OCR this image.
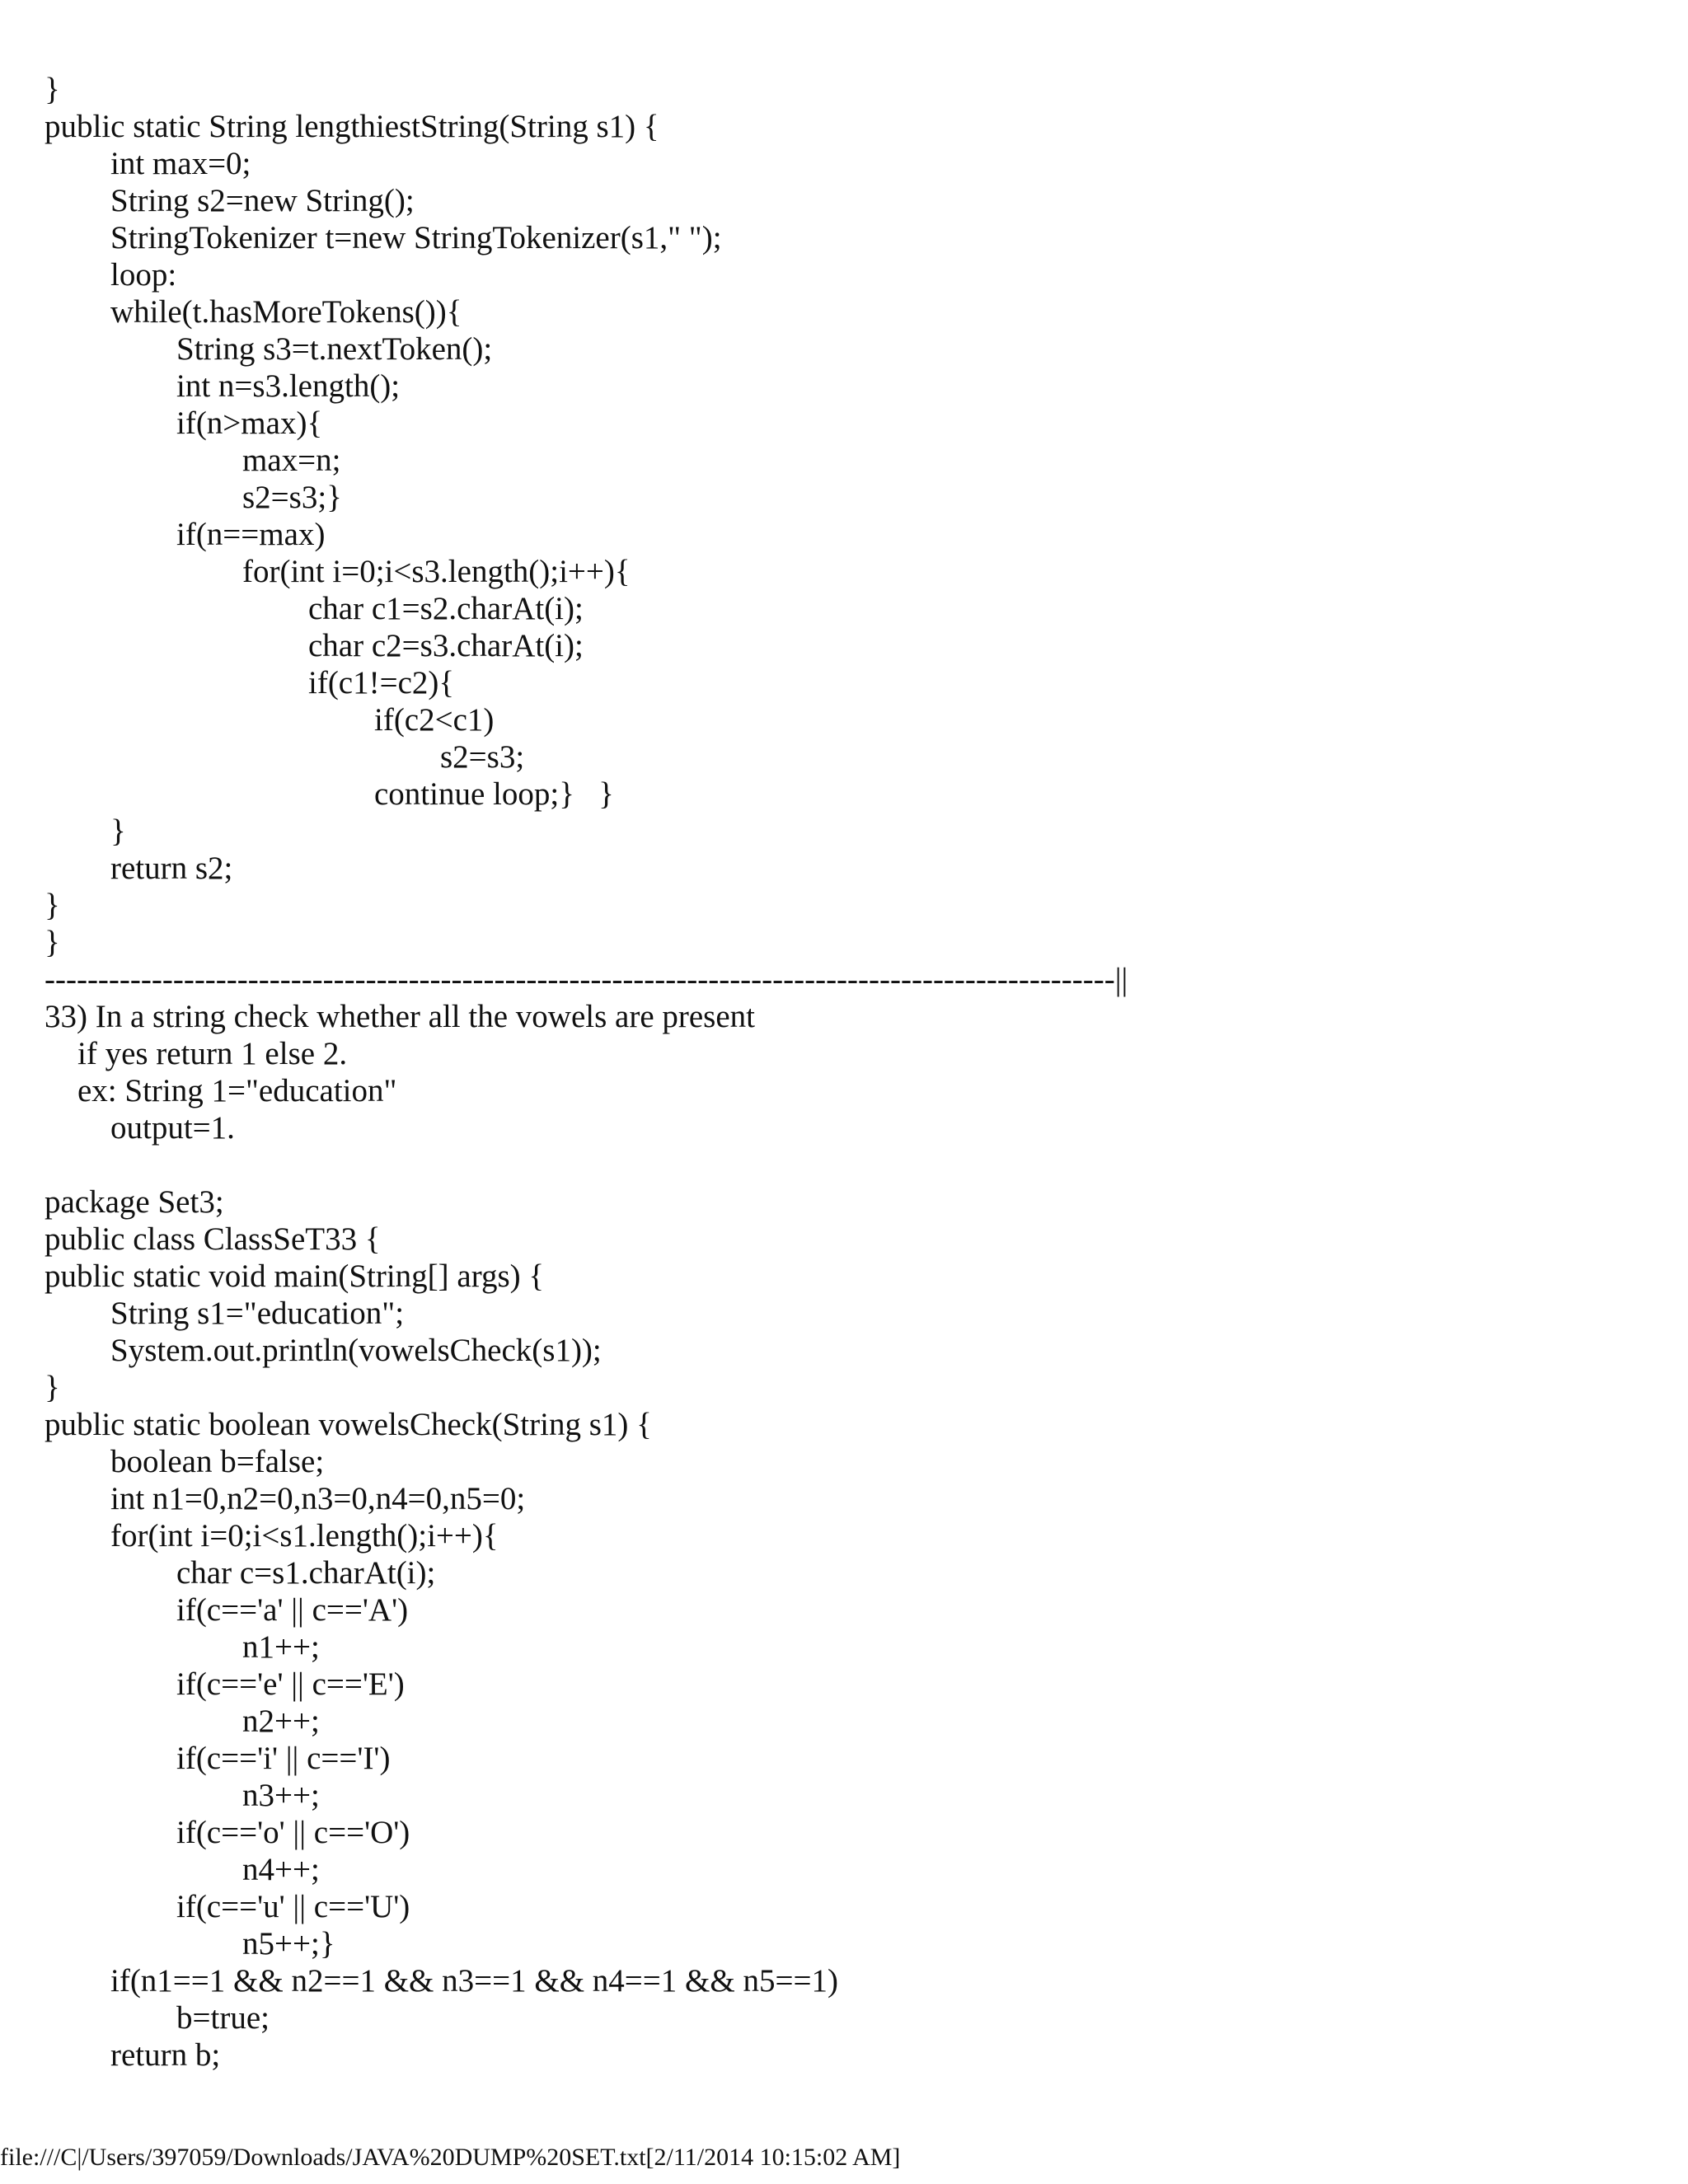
}
public static String lengthiestString(String s1) {
int max=0;
String s2=new String();
StringTokenizer t=new StringTokenizer(s1," ");
loop:
while(t.hasMoreTokens()){
String s3=t.nextToken();
int n=s3.length();
if(n>max){
max=n;
s2=s3;}
if(n==max)
for(int i=0;i<s3.length();i++){
char c1=s2.charAt(i);
char c2=s3.charAt(i);
if(c1!=c2){
if(c2<c1)
s2=s3;
continue loop;}   }
}
return s2;
}
}
----------------------------------------------------------------------------------------------------||
33) In a string check whether all the vowels are present
if yes return 1 else 2.
ex: String 1="education"
output=1.
package Set3;
public class ClassSeT33 {
public static void main(String[] args) {
String s1="education";
System.out.println(vowelsCheck(s1));
}
public static boolean vowelsCheck(String s1) {
boolean b=false;
int n1=0,n2=0,n3=0,n4=0,n5=0;
for(int i=0;i<s1.length();i++){
char c=s1.charAt(i);
if(c=='a' || c=='A')
n1++;
if(c=='e' || c=='E')
n2++;
if(c=='i' || c=='I')
n3++;
if(c=='o' || c=='O')
n4++;
if(c=='u' || c=='U')
n5++;}
if(n1==1 && n2==1 && n3==1 && n4==1 && n5==1)
b=true;
return b;
file:///C|/Users/397059/Downloads/JAVA%20DUMP%20SET.txt[2/11/2014 10:15:02 AM]
